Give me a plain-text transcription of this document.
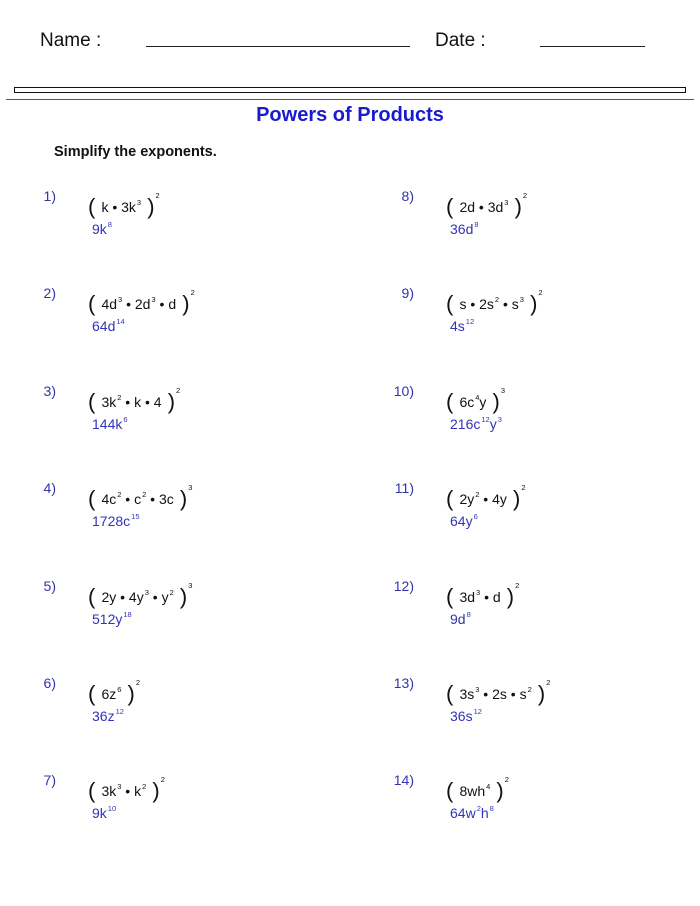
Name :	Date :
Powers of Products
Simplify the exponents.
1) ( k • $3k^3$ )$^2$
$9k^8$
2) ( $4d^3$ • $2d^3$ • d )$^2$
$64d^{14}$
3) ( $3k^2$ • k • 4 )$^2$
$144k^6$
4) ( $4c^2$ • $c^2$ • 3c )$^3$
$1728c^{15}$
5) ( 2y • $4y^3$ • $y^2$ )$^3$
$512y^{18}$
6) ( $6z^6$ )$^2$
$36z^{12}$
7) ( $3k^3$ • $k^2$ )$^2$
$9k^{10}$
8) ( 2d • $3d^3$ )$^2$
$36d^8$
9) ( s • $2s^2$ • $s^3$ )$^2$
$4s^{12}$
10) ( $6c^4y$ )$^3$
$216c^{12}y^3$
11) ( $2y^2$ • 4y )$^2$
$64y^6$
12) ( $3d^3$ • d )$^2$
$9d^8$
13) ( $3s^3$ • 2s • $s^2$ )$^2$
$36s^{12}$
14) ( $8wh^4$ )$^2$
$64w^2h^8$
